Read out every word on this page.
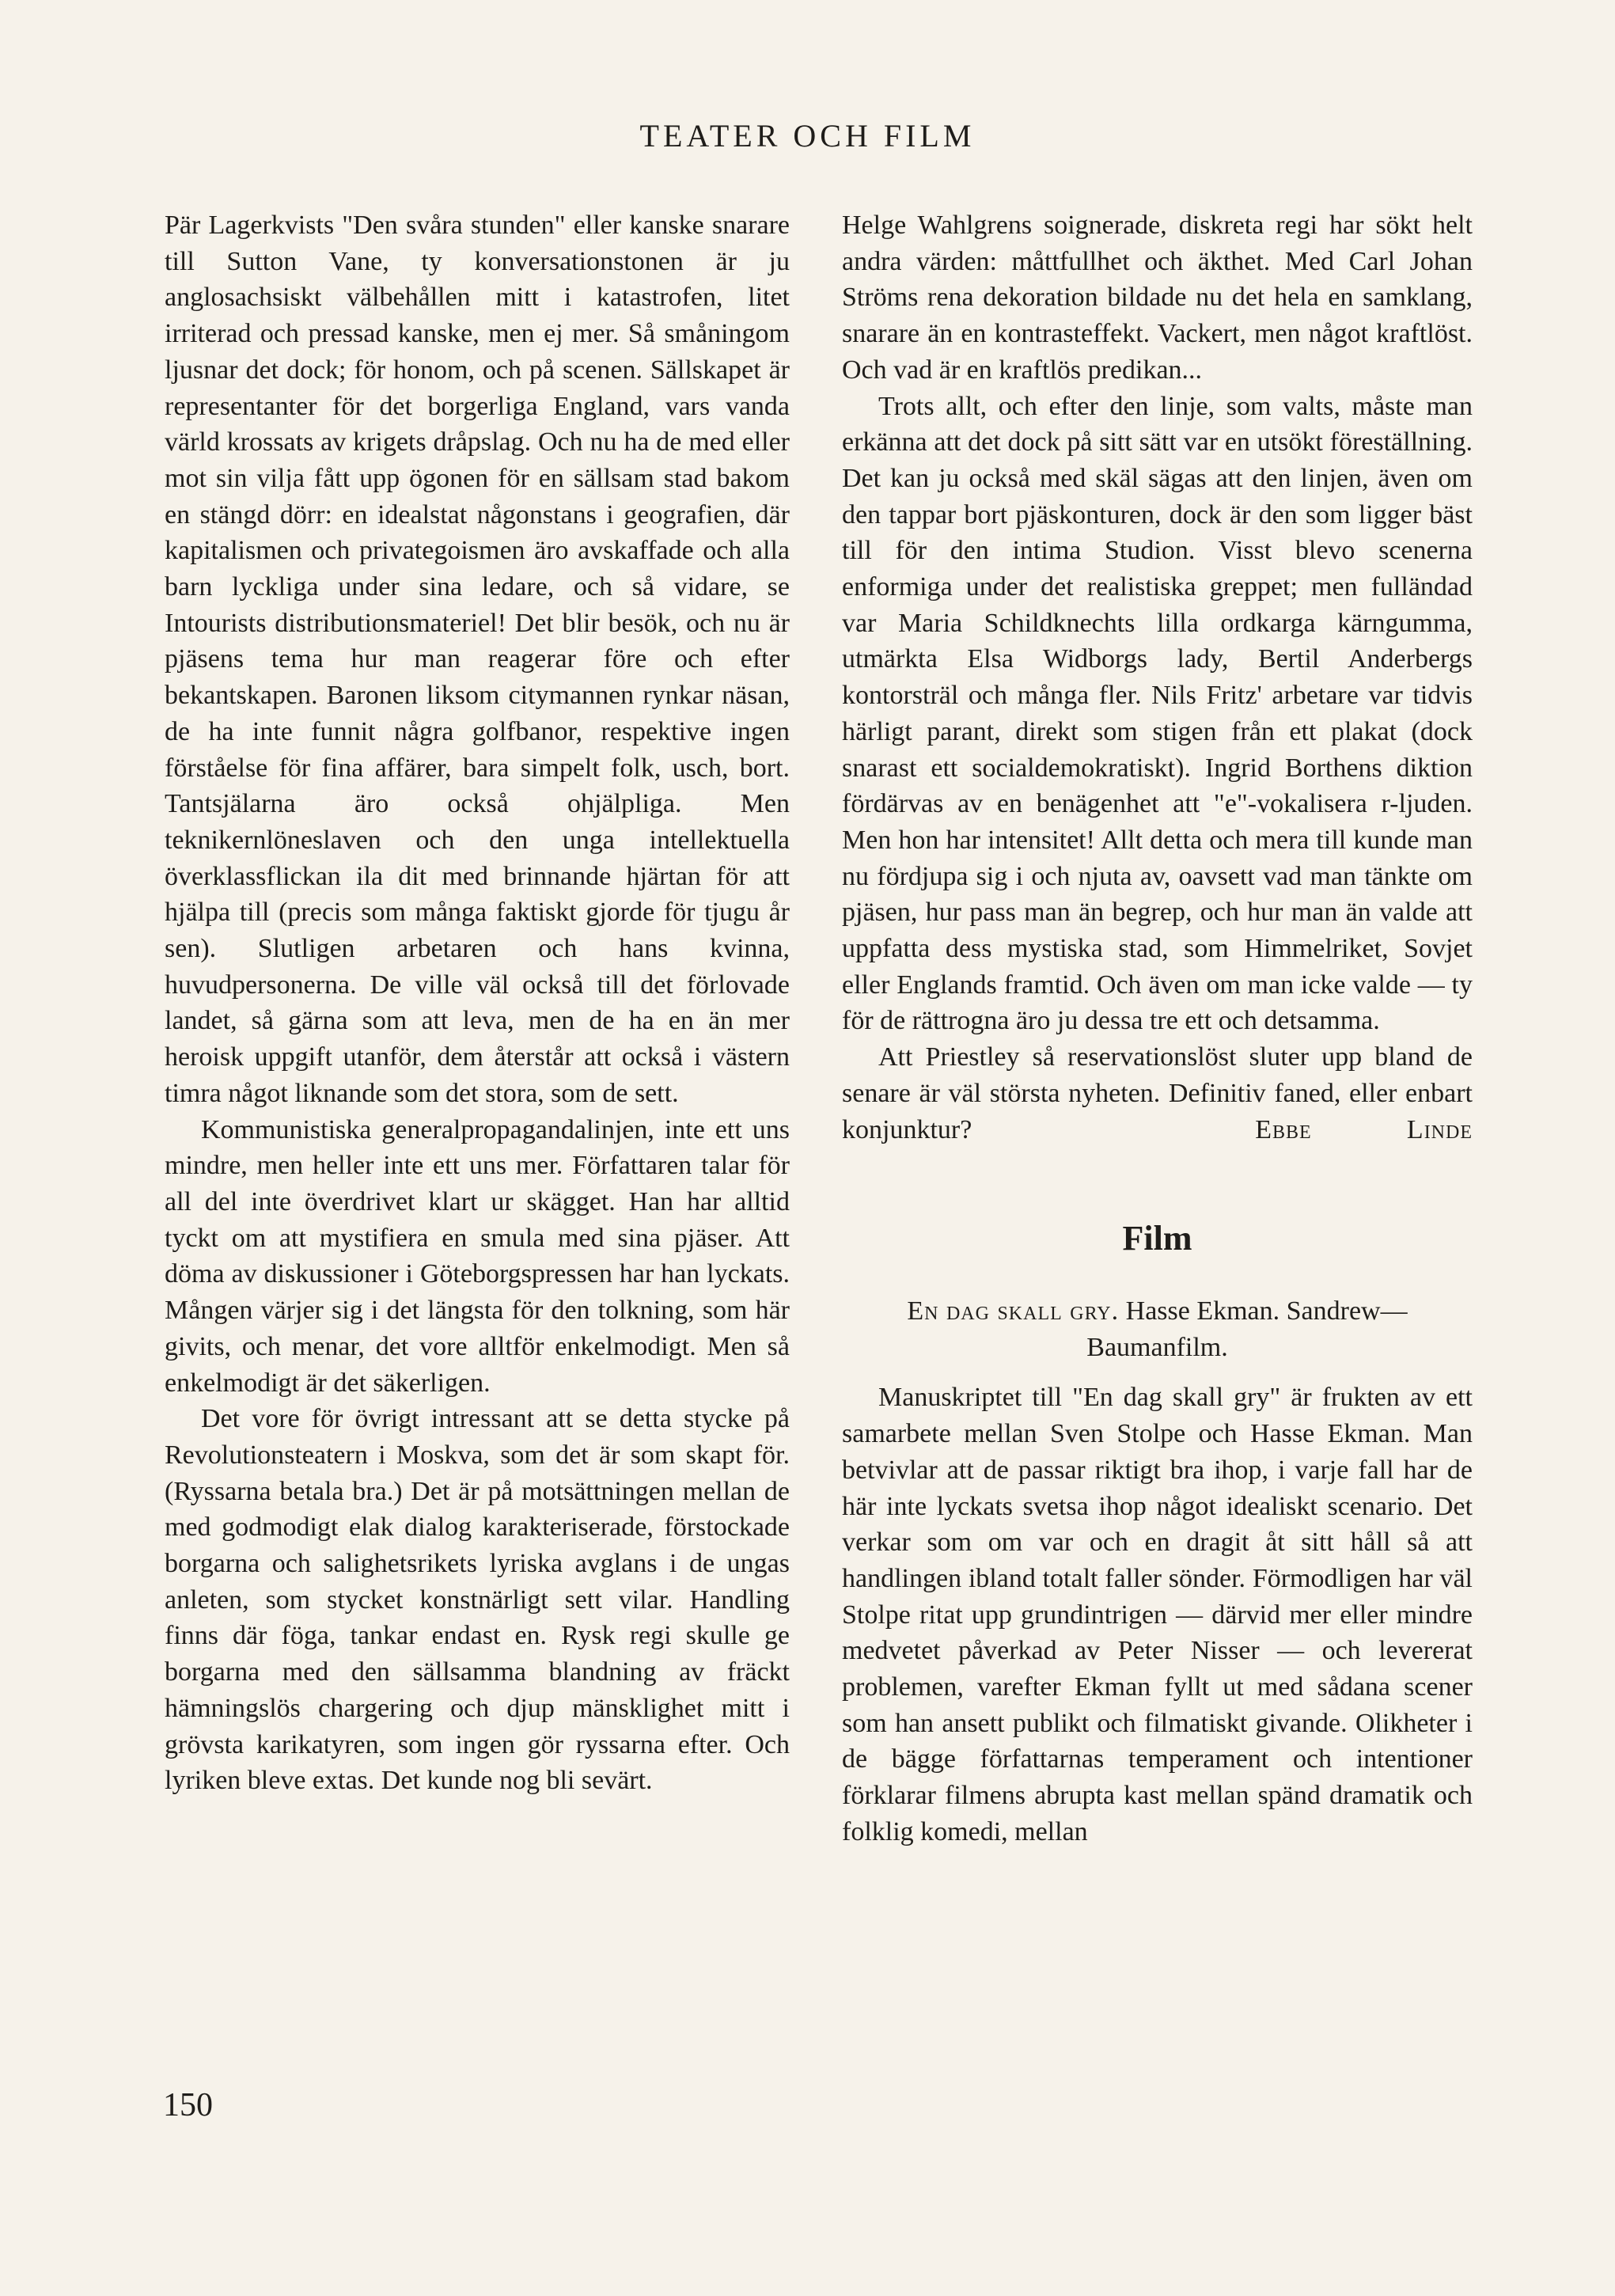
TEATER OCH FILM

Pär Lagerkvists "Den svåra stunden" eller kanske snarare till Sutton Vane, ty konversationstonen är ju anglosachsiskt välbehållen mitt i katastrofen, litet irriterad och pressad kanske, men ej mer. Så småningom ljusnar det dock; för honom, och på scenen. Sällskapet är representanter för det borgerliga England, vars vanda värld krossats av krigets dråpslag. Och nu ha de med eller mot sin vilja fått upp ögonen för en sällsam stad bakom en stängd dörr: en idealstat någonstans i geografien, där kapitalismen och privategoismen äro avskaffade och alla barn lyckliga under sina ledare, och så vidare, se Intourists distributionsmateriel! Det blir besök, och nu är pjäsens tema hur man reagerar före och efter bekantskapen. Baronen liksom citymannen rynkar näsan, de ha inte funnit några golfbanor, respektive ingen förståelse för fina affärer, bara simpelt folk, usch, bort. Tantsjälarna äro också ohjälpliga. Men teknikernlöneslaven och den unga intellektuella överklassflickan ila dit med brinnande hjärtan för att hjälpa till (precis som många faktiskt gjorde för tjugu år sen). Slutligen arbetaren och hans kvinna, huvudpersonerna. De ville väl också till det förlovade landet, så gärna som att leva, men de ha en än mer heroisk uppgift utanför, dem återstår att också i västern timra något liknande som det stora, som de sett.

Kommunistiska generalpropagandalinjen, inte ett uns mindre, men heller inte ett uns mer. Författaren talar för all del inte överdrivet klart ur skägget. Han har alltid tyckt om att mystifiera en smula med sina pjäser. Att döma av diskussioner i Göteborgspressen har han lyckats. Mången värjer sig i det längsta för den tolkning, som här givits, och menar, det vore alltför enkelmodigt. Men så enkelmodigt är det säkerligen.

Det vore för övrigt intressant att se detta stycke på Revolutionsteatern i Moskva, som det är som skapt för. (Ryssarna betala bra.) Det är på motsättningen mellan de med godmodigt elak dialog karakteriserade, förstockade borgarna och salighetsrikets lyriska avglans i de ungas anleten, som stycket konstnärligt sett vilar. Handling finns där föga, tankar endast en. Rysk regi skulle ge borgarna med den sällsamma blandning av fräckt hämningslös chargering och djup mänsklighet mitt i grövsta karikatyren, som ingen gör ryssarna efter. Och lyriken bleve extas. Det kunde nog bli sevärt.

Helge Wahlgrens soignerade, diskreta regi har sökt helt andra värden: måttfullhet och äkthet. Med Carl Johan Ströms rena dekoration bildade nu det hela en samklang, snarare än en kontrasteffekt. Vackert, men något kraftlöst. Och vad är en kraftlös predikan...

Trots allt, och efter den linje, som valts, måste man erkänna att det dock på sitt sätt var en utsökt föreställning. Det kan ju också med skäl sägas att den linjen, även om den tappar bort pjäskonturen, dock är den som ligger bäst till för den intima Studion. Visst blevo scenerna enformiga under det realistiska greppet; men fulländad var Maria Schildknechts lilla ordkarga kärngumma, utmärkta Elsa Widborgs lady, Bertil Anderbergs kontorsträl och många fler. Nils Fritz' arbetare var tidvis härligt parant, direkt som stigen från ett plakat (dock snarast ett socialdemokratiskt). Ingrid Borthens diktion fördärvas av en benägenhet att "e"-vokalisera r-ljuden. Men hon har intensitet! Allt detta och mera till kunde man nu fördjupa sig i och njuta av, oavsett vad man tänkte om pjäsen, hur pass man än begrep, och hur man än valde att uppfatta dess mystiska stad, som Himmelriket, Sovjet eller Englands framtid. Och även om man icke valde — ty för de rättrogna äro ju dessa tre ett och detsamma.

Att Priestley så reservationslöst sluter upp bland de senare är väl största nyheten. Definitiv faned, eller enbart konjunktur?	Ebbe Linde

Film

En dag skall gry. Hasse Ekman. Sandrew—
Baumanfilm.

Manuskriptet till "En dag skall gry" är frukten av ett samarbete mellan Sven Stolpe och Hasse Ekman. Man betvivlar att de passar riktigt bra ihop, i varje fall har de här inte lyckats svetsa ihop något idealiskt scenario. Det verkar som om var och en dragit åt sitt håll så att handlingen ibland totalt faller sönder. Förmodligen har väl Stolpe ritat upp grundintrigen — därvid mer eller mindre medvetet påverkad av Peter Nisser — och levererat problemen, varefter Ekman fyllt ut med sådana scener som han ansett publikt och filmatiskt givande. Olikheter i de bägge författarnas temperament och intentioner förklarar filmens abrupta kast mellan spänd dramatik och folklig komedi, mellan

150
